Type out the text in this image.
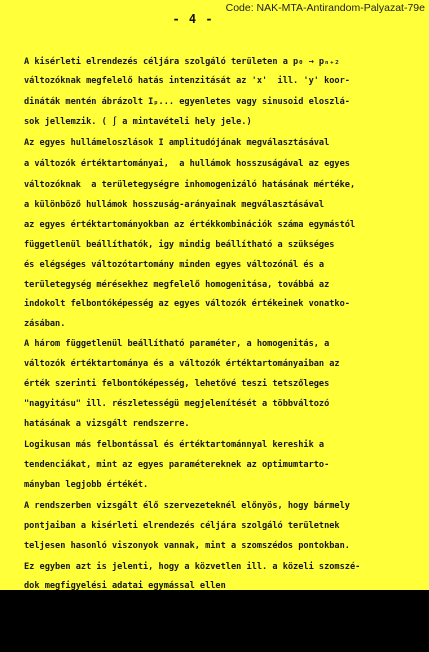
- 4 -
Code: NAK-MTA-Antirandom-Palyazat-79e
A kisérleti elrendezés céljára szolgáló területen a p₀ → pₙ₊₂
változóknak megfelelő hatás intenzitását az 'x'  ill. 'y' koor-
dináták mentén ábrázolt Iₚ... egyenletes vagy sinusoid eloszlá-
sok jellemzik. ( ∫ a mintavételi hely jele.)
Az egyes hullámeloszlások I amplitudójának megválasztásával
a változók értéktartományai,  a hullámok hosszuságával az egyes
változóknak  a területegységre inhomogenizáló hatásának mértéke,
a különböző hullámok hosszuság-arányainak megválasztásával
az egyes értéktartományokban az értékkombinációk száma egymástól
függetlenül beállíthatók, igy mindig beállítható a szükséges
és elégséges változótartomány minden egyes változónál és a
területegység mérésekhez megfelelő homogenitása, továbbá az
indokolt felbontóképesség az egyes változók értékeinek vonatko-
zásában.
A három függetlenül beállítható paraméter, a homogenitás, a
változók értéktartománya és a változók értéktartományaiban az
érték szerinti felbontóképesség, lehetővé teszi tetszőleges
"nagyitásu" ill. részletességü megjelenítését a többváltozó
hatásának a vizsgált rendszerre.
Logikusan más felbontással és értéktartománnyal kereshik a
tendenciákat, mint az egyes paramétereknek az optimumtarto-
mányban legjobb értékét.
A rendszerben vizsgált élő szervezeteknél előnyös, hogy bármely
pontjaiban a kisérleti elrendezés céljára szolgáló területnek
teljesen hasonló viszonyok vannak, mint a szomszédos pontokban.
Ez egyben azt is jelenti, hogy a közvetlen ill. a közeli szomszé-
dok megfigyelési adatai egymással ellen
